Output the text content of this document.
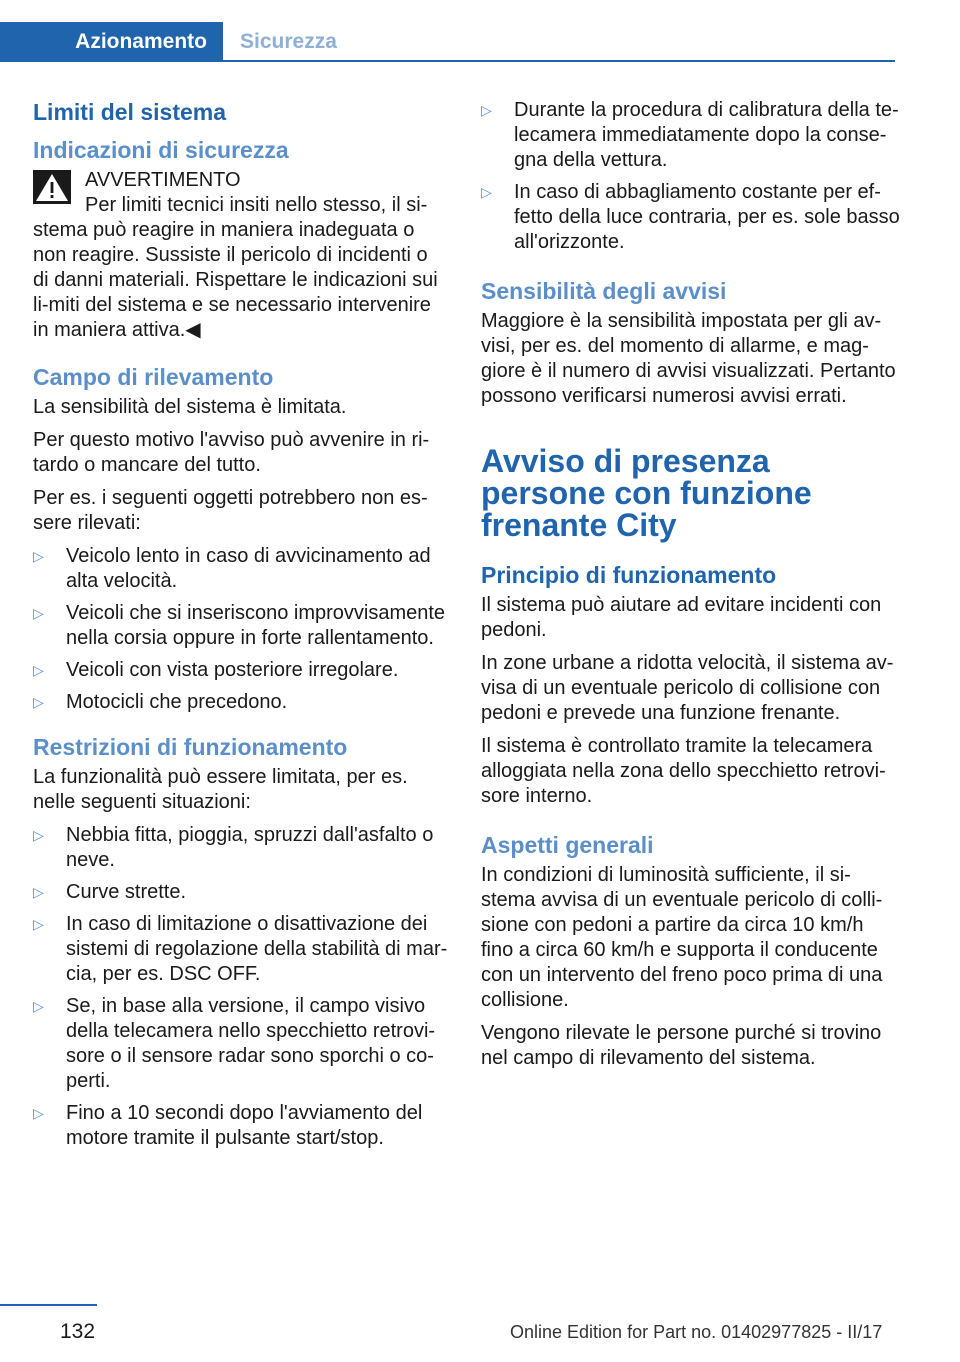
Azionamento	Sicurezza
Limiti del sistema
Indicazioni di sicurezza
AVVERTIMENTO

Per limiti tecnici insiti nello stesso, il si-stema può reagire in maniera inadeguata o non reagire. Sussiste il pericolo di incidenti o di danni materiali. Rispettare le indicazioni sui li-miti del sistema e se necessario intervenire in maniera attiva.◀

Campo di rilevamento

La sensibilità del sistema è limitata.

Per questo motivo l'avviso può avvenire in ri-tardo o mancare del tutto.

Per es. i seguenti oggetti potrebbero non es-sere rilevati:

▷ Veicolo lento in caso di avvicinamento ad alta velocità.
▷ Veicoli che si inseriscono improvvisamente nella corsia oppure in forte rallentamento.
▷ Veicoli con vista posteriore irregolare.
▷ Motocicli che precedono.
Restrizioni di funzionamento

La funzionalità può essere limitata, per es. nelle seguenti situazioni:

▷ Nebbia fitta, pioggia, spruzzi dall'asfalto o neve.
▷ Curve strette.
▷ In caso di limitazione o disattivazione dei sistemi di regolazione della stabilità di mar-cia, per es. DSC OFF.
▷ Se, in base alla versione, il campo visivo della telecamera nello specchietto retrovi-sore o il sensore radar sono sporchi o co-perti.
▷ Fino a 10 secondi dopo l'avviamento del motore tramite il pulsante start/stop.
▷ Durante la procedura di calibratura della te-lecamera immediatamente dopo la conse-gna della vettura.
▷ In caso di abbagliamento costante per ef-fetto della luce contraria, per es. sole basso all'orizzonte.
Sensibilità degli avvisi

Maggiore è la sensibilità impostata per gli av-visi, per es. del momento di allarme, e mag-giore è il numero di avvisi visualizzati. Pertanto possono verificarsi numerosi avvisi errati.

Avviso di presenza persone con funzione frenante City
Principio di funzionamento

Il sistema può aiutare ad evitare incidenti con pedoni.

In zone urbane a ridotta velocità, il sistema av-visa di un eventuale pericolo di collisione con pedoni e prevede una funzione frenante.

Il sistema è controllato tramite la telecamera alloggiata nella zona dello specchietto retrovi-sore interno.

Aspetti generali

In condizioni di luminosità sufficiente, il si-stema avvisa di un eventuale pericolo di colli-sione con pedoni a partire da circa 10 km/h fino a circa 60 km/h e supporta il conducente con un intervento del freno poco prima di una collisione.

Vengono rilevate le persone purché si trovino nel campo di rilevamento del sistema.

132	Online Edition for Part no. 01402977825 - II/17
